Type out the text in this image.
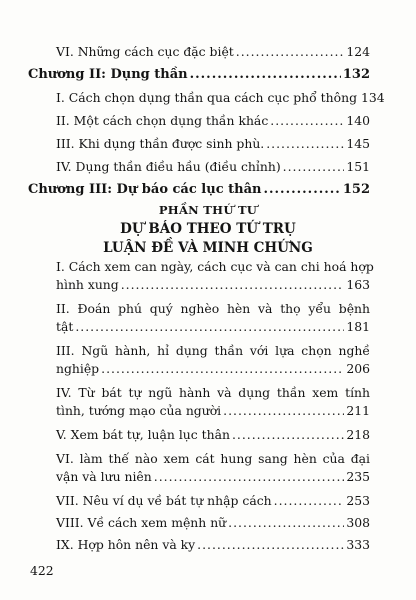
VI. Những cách cục đặc biệt .....	124
Chương II: Dụng thần .....	132
I. Cách chọn dụng thần qua cách cục phổ thông 134
II. Một cách chọn dụng thần khác .....	140
III. Khi dụng thần được sinh phù. .....	145
IV. Dụng thần điều hầu (điều chỉnh) .....	151
Chương III: Dự báo các lục thân .....	152
PHẦN THỨ TƯ
DỰ BÁO THEO TỨ TRỤ
LUẬN ĐỀ VÀ MINH CHỨNG
I. Cách xem can ngày, cách cục và can chi hoá hợp
hình xung .....	163
II. Đoán phú quý nghèo hèn và thọ yểu bệnh
tật .....	181
III. Ngũ hành, hỉ dụng thần với lựa chọn nghề
nghiệp .....	206
IV. Từ bát tự ngũ hành và dụng thần xem tính
tình, tướng mạo của người .....	211
V. Xem bát tự, luận lục thân .....	218
VI. làm thế nào xem cát hung sang hèn của đại
vận và lưu niên .....	235
VII. Nêu ví dụ về bát tự nhập cách .....	253
VIII. Về cách xem mệnh nữ .....	308
IX. Hợp hôn nên và ky .....	333
422
